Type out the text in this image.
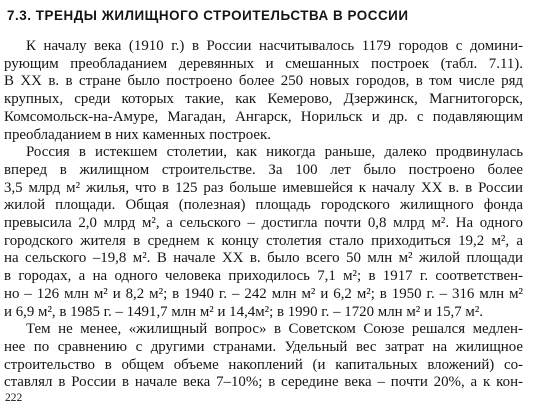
7.3. ТРЕНДЫ ЖИЛИЩНОГО СТРОИТЕЛЬСТВА В РОССИИ

К началу века (1910 г.) в России насчитывалось 1179 городов с домини-
рующим преобладанием деревянных и смешанных построек (табл. 7.11).
В XX в. в стране было построено более 250 новых городов, в том числе ряд
крупных, среди которых такие, как Кемерово, Дзержинск, Магнитогорск,
Комсомольск-на-Амуре, Магадан, Ангарск, Норильск и др. с подавляющим
преобладанием в них каменных построек.

Россия в истекшем столетии, как никогда раньше, далеко продвинулась
вперед в жилищном строительстве. За 100 лет было построено более
3,5 млрд м² жилья, что в 125 раз больше имевшейся к началу XX в. в России
жилой площади. Общая (полезная) площадь городского жилищного фонда
превысила 2,0 млрд м², а сельского – достигла почти 0,8 млрд м². На одного
городского жителя в среднем к концу столетия стало приходиться 19,2 м², а
на сельского –19,8 м². В начале XX в. было всего 50 млн м² жилой площади
в городах, а на одного человека приходилось 7,1 м²; в 1917 г. соответствен-
но – 126 млн м² и 8,2 м²; в 1940 г. – 242 млн м² и 6,2 м²; в 1950 г. – 316 млн м²
и 6,9 м², в 1985 г. – 1491,7 млн м² и 14,4м²; в 1990 г. – 1720 млн м² и 15,7 м².

Тем не менее, «жилищный вопрос» в Советском Союзе решался медлен-
нее по сравнению с другими странами. Удельный вес затрат на жилищное
строительство в общем объеме накоплений (и капитальных вложений) со-
ставлял в России в начале века 7–10%; в середине века – почти 20%, а к кон-

222
